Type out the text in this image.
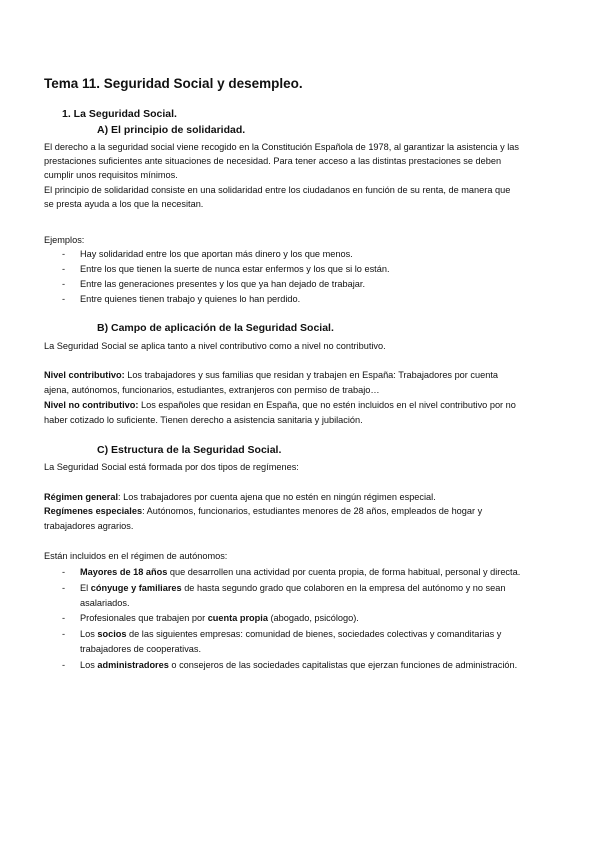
Tema 11. Seguridad Social y desempleo.
1. La Seguridad Social.
A) El principio de solidaridad.
El derecho a la seguridad social viene recogido en la Constitución Española de 1978, al garantizar la asistencia y las
prestaciones suficientes ante situaciones de necesidad. Para tener acceso a las distintas prestaciones se deben
cumplir unos requisitos mínimos.
El principio de solidaridad consiste en una solidaridad entre los ciudadanos en función de su renta, de manera que
se presta ayuda a los que la necesitan.
Ejemplos:
- Hay solidaridad entre los que aportan más dinero y los que menos.
- Entre los que tienen la suerte de nunca estar enfermos y los que si lo están.
- Entre las generaciones presentes y los que ya han dejado de trabajar.
- Entre quienes tienen trabajo y quienes lo han perdido.
B) Campo de aplicación de la Seguridad Social.
La Seguridad Social se aplica tanto a nivel contributivo como a nivel no contributivo.
Nivel contributivo: Los trabajadores y sus familias que residan y trabajen en España: Trabajadores por cuenta
ajena, autónomos, funcionarios, estudiantes, extranjeros con permiso de trabajo…
Nivel no contributivo: Los españoles que residan en España, que no estén incluidos en el nivel contributivo por no
haber cotizado lo suficiente. Tienen derecho a asistencia sanitaria y jubilación.
C) Estructura de la Seguridad Social.
La Seguridad Social está formada por dos tipos de regímenes:
Régimen general: Los trabajadores por cuenta ajena que no estén en ningún régimen especial.
Regímenes especiales: Autónomos, funcionarios, estudiantes menores de 28 años, empleados de hogar y
trabajadores agrarios.
Están incluidos en el régimen de autónomos:
- Mayores de 18 años que desarrollen una actividad por cuenta propia, de forma habitual, personal y directa.
- El cónyuge y familiares de hasta segundo grado que colaboren en la empresa del autónomo y no sean
asalariados.
- Profesionales que trabajen por cuenta propia (abogado, psicólogo).
- Los socios de las siguientes empresas: comunidad de bienes, sociedades colectivas y comanditarias y
trabajadores de cooperativas.
- Los administradores o consejeros de las sociedades capitalistas que ejerzan funciones de administración.
